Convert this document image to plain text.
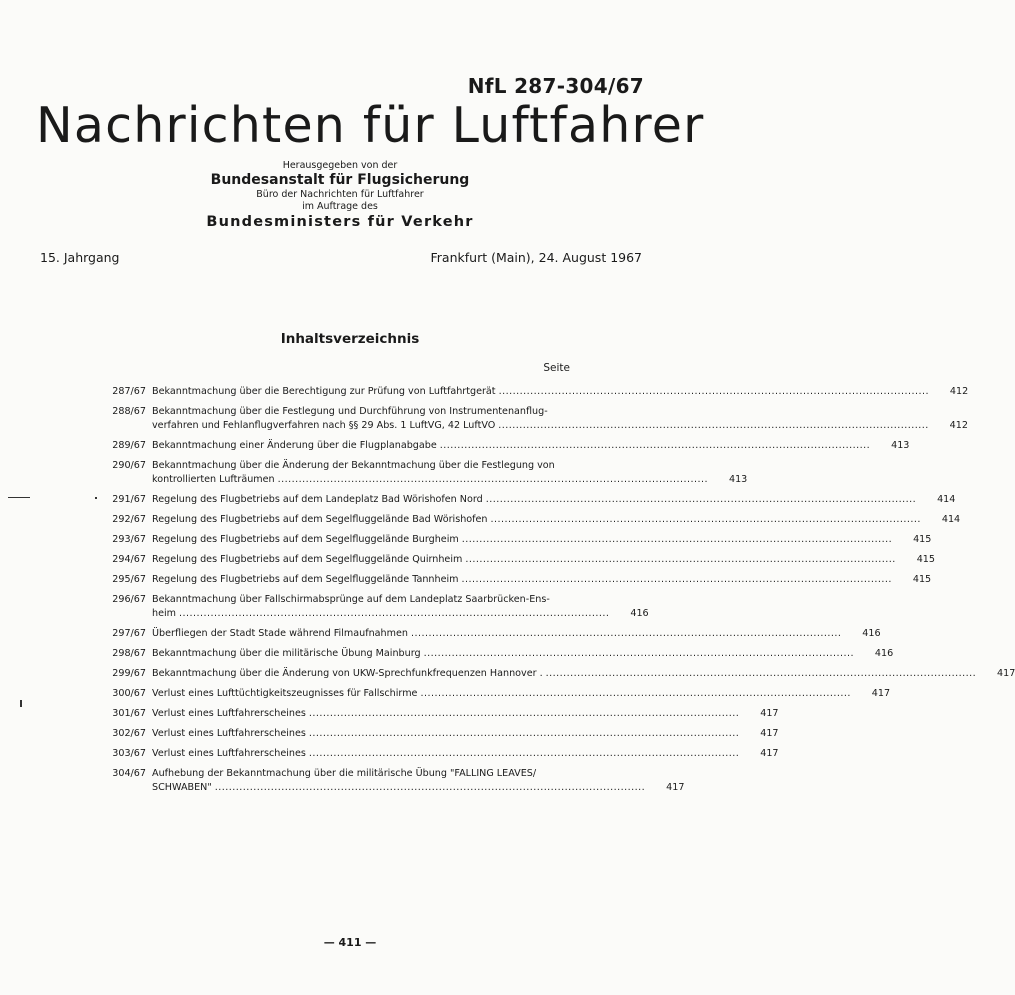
NfL 287-304/67
Nachrichten für Luftfahrer
Herausgegeben von der
Bundesanstalt für Flugsicherung
Büro der Nachrichten für Luftfahrer
im Auftrage des
Bundesministers für Verkehr
15. Jahrgang	Frankfurt (Main), 24. August 1967
Inhaltsverzeichnis
Seite
287/67 Bekanntmachung über die Berechtigung zur Prüfung von Luftfahrtgerät . . .	412
288/67 Bekanntmachung über die Festlegung und Durchführung von Instrumentenanflug-
verfahren und Fehlanflugverfahren nach §§ 29 Abs. 1 LuftVG, 42 LuftVO . . .	412
289/67 Bekanntmachung einer Änderung über die Flugplanabgabe . . .	413
290/67 Bekanntmachung über die Änderung der Bekanntmachung über die Festlegung von
kontrollierten Lufträumen . . .	413
291/67 Regelung des Flugbetriebs auf dem Landeplatz Bad Wörishofen Nord . . .	414
292/67 Regelung des Flugbetriebs auf dem Segelfluggelände Bad Wörishofen . . .	414
293/67 Regelung des Flugbetriebs auf dem Segelfluggelände Burgheim . . .	415
294/67 Regelung des Flugbetriebs auf dem Segelfluggelände Quirnheim . . .	415
295/67 Regelung des Flugbetriebs auf dem Segelfluggelände Tannheim . . .	415
296/67 Bekanntmachung über Fallschirmabsprünge auf dem Landeplatz Saarbrücken-Ens-
heim . . .	416
297/67 Überfliegen der Stadt Stade während Filmaufnahmen . . .	416
298/67 Bekanntmachung über die militärische Übung Mainburg . . .	416
299/67 Bekanntmachung über die Änderung von UKW-Sprechfunkfrequenzen Hannover . . . .	417
300/67 Verlust eines Lufttüchtigkeitszeugnisses für Fallschirme . . .	417
301/67 Verlust eines Luftfahrerscheines . . .	417
302/67 Verlust eines Luftfahrerscheines . . .	417
303/67 Verlust eines Luftfahrerscheines . . .	417
304/67 Aufhebung der Bekanntmachung über die militärische Übung "FALLING LEAVES/
SCHWABEN" . . .	417
— 411 —
